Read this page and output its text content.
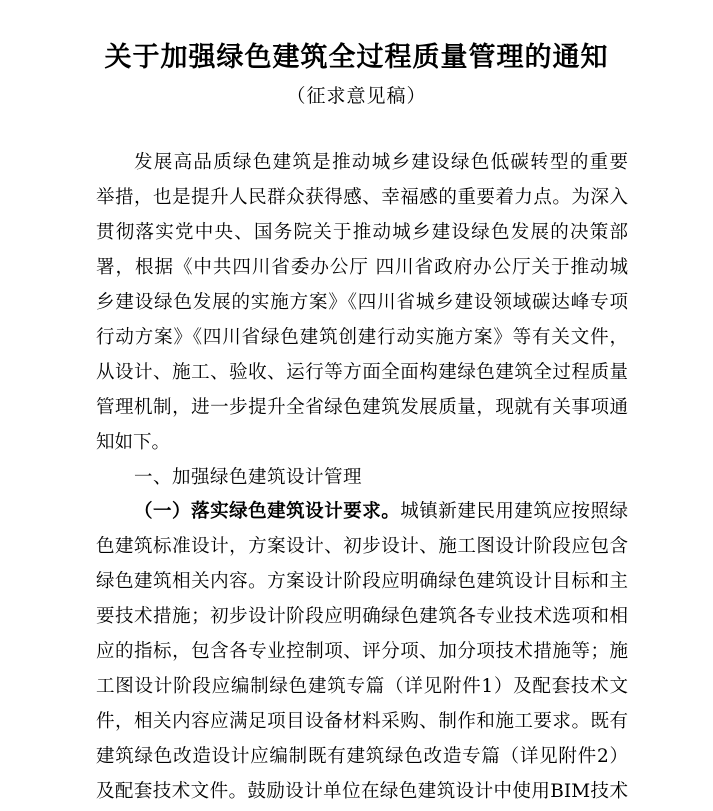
关于加强绿色建筑全过程质量管理的通知
（征求意见稿）
发展高品质绿色建筑是推动城乡建设绿色低碳转型的重要
举措，也是提升人民群众获得感、幸福感的重要着力点。为深入
贯彻落实党中央、国务院关于推动城乡建设绿色发展的决策部
署，根据《中共四川省委办公厅 四川省政府办公厅关于推动城
乡建设绿色发展的实施方案》《四川省城乡建设领域碳达峰专项
行动方案》《四川省绿色建筑创建行动实施方案》等有关文件，
从设计、施工、验收、运行等方面全面构建绿色建筑全过程质量
管理机制，进一步提升全省绿色建筑发展质量，现就有关事项通
知如下。
一、加强绿色建筑设计管理
（一）落实绿色建筑设计要求。城镇新建民用建筑应按照绿
色建筑标准设计，方案设计、初步设计、施工图设计阶段应包含
绿色建筑相关内容。方案设计阶段应明确绿色建筑设计目标和主
要技术措施；初步设计阶段应明确绿色建筑各专业技术选项和相
应的指标，包含各专业控制项、评分项、加分项技术措施等；施
工图设计阶段应编制绿色建筑专篇（详见附件1）及配套技术文
件，相关内容应满足项目设备材料采购、制作和施工要求。既有
建筑绿色改造设计应编制既有建筑绿色改造专篇（详见附件2）
及配套技术文件。鼓励设计单位在绿色建筑设计中使用BIM技术
